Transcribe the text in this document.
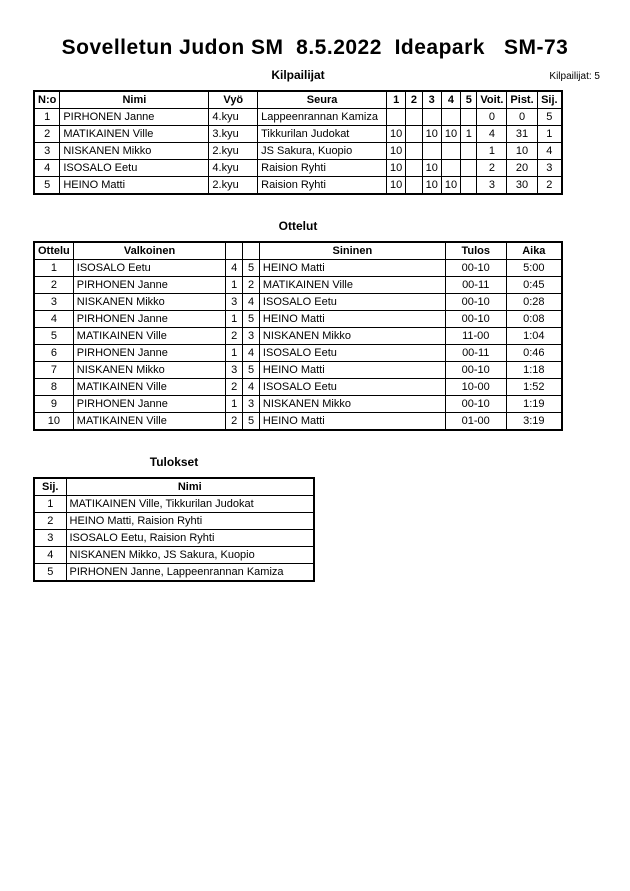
Sovelletun Judon SM  8.5.2022  Ideapark   SM-73
Kilpailijat	Kilpailijat: 5
N:o	Nimi	Vyö	Seura	1	2	3	4	5	Voit.	Pist.	Sij.
1	PIRHONEN Janne	4.kyu	Lappeenrannan Kamiza						0	0	5
2	MATIKAINEN Ville	3.kyu	Tikkurilan Judokat	10		10	10	1	4	31	1
3	NISKANEN Mikko	2.kyu	JS Sakura, Kuopio	10					1	10	4
4	ISOSALO Eetu	4.kyu	Raision Ryhti	10		10			2	20	3
5	HEINO Matti	2.kyu	Raision Ryhti	10		10	10		3	30	2
Ottelut
Ottelu	Valkoinen			Sininen	Tulos	Aika
1	ISOSALO Eetu	4	5	HEINO Matti	00-10	5:00
2	PIRHONEN Janne	1	2	MATIKAINEN Ville	00-11	0:45
3	NISKANEN Mikko	3	4	ISOSALO Eetu	00-10	0:28
4	PIRHONEN Janne	1	5	HEINO Matti	00-10	0:08
5	MATIKAINEN Ville	2	3	NISKANEN Mikko	11-00	1:04
6	PIRHONEN Janne	1	4	ISOSALO Eetu	00-11	0:46
7	NISKANEN Mikko	3	5	HEINO Matti	00-10	1:18
8	MATIKAINEN Ville	2	4	ISOSALO Eetu	10-00	1:52
9	PIRHONEN Janne	1	3	NISKANEN Mikko	00-10	1:19
10	MATIKAINEN Ville	2	5	HEINO Matti	01-00	3:19
Tulokset
Sij.	Nimi
1	MATIKAINEN Ville, Tikkurilan Judokat
2	HEINO Matti, Raision Ryhti
3	ISOSALO Eetu, Raision Ryhti
4	NISKANEN Mikko, JS Sakura, Kuopio
5	PIRHONEN Janne, Lappeenrannan Kamiza
